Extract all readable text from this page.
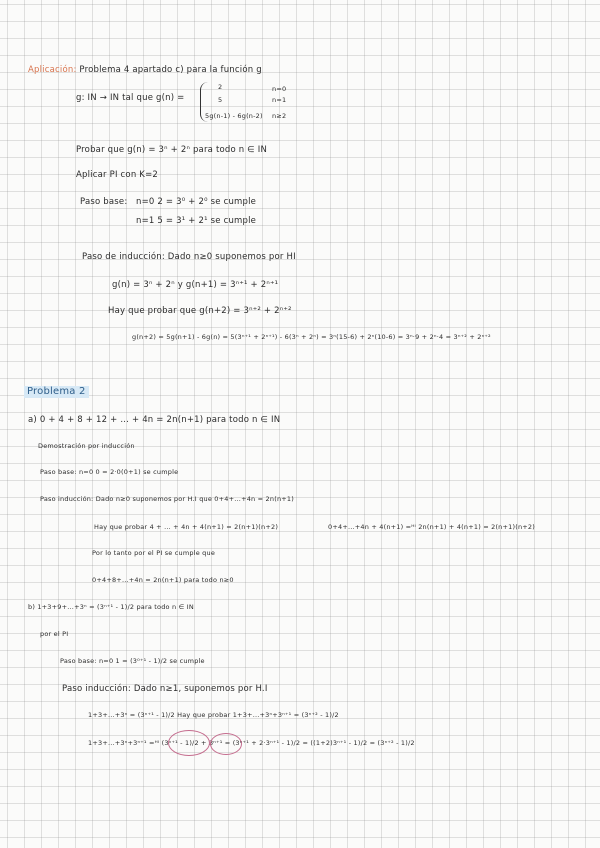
Aplicación: Problema 4 apartado c) para la función g
g: IN → IN tal que g(n) =
2	n=0
5	n=1
5g(n-1) - 6g(n-2) n≥2
Probar que g(n) = 3ⁿ + 2ⁿ para todo n ∈ IN
Aplicar PI con K=2
Paso base: n=0 2 = 3⁰ + 2⁰ se cumple
n=1 5 = 3¹ + 2¹ se cumple
Paso de inducción: Dado n≥0 suponemos por HI
g(n) = 3ⁿ + 2ⁿ y g(n+1) = 3ⁿ⁺¹ + 2ⁿ⁺¹
Hay que probar que g(n+2) = 3ⁿ⁺² + 2ⁿ⁺²
g(n+2) = 5g(n+1) - 6g(n) = 5(3ⁿ⁺¹ + 2ⁿ⁺¹) - 6(3ⁿ + 2ⁿ) = 3ⁿ(15-6) + 2ⁿ(10-6) = 3ⁿ·9 + 2ⁿ·4 = 3ⁿ⁺² + 2ⁿ⁺²
Problema 2
a) 0 + 4 + 8 + 12 + ... + 4n = 2n(n+1) para todo n ∈ IN
Demostración por inducción
Paso base: n=0 0 = 2·0(0+1) se cumple
Paso inducción: Dado n≥0 suponemos por H.I que 0+4+...+4n = 2n(n+1)
Hay que probar 4 + ... + 4n + 4(n+1) = 2(n+1)(n+2)	0+4+...+4n + 4(n+1) =ᴴᴵ 2n(n+1) + 4(n+1) = 2(n+1)(n+2)
Por lo tanto por el PI se cumple que
0+4+8+...+4n = 2n(n+1) para todo n≥0
b) 1+3+9+...+3ⁿ = (3ⁿ⁺¹ - 1)/2 para todo n ∈ IN
por el PI
Paso base: n=0 1 = (3⁰⁺¹ - 1)/2 se cumple
Paso inducción: Dado n≥1, suponemos por H.I
1+3+...+3ⁿ = (3ⁿ⁺¹ - 1)/2 Hay que probar 1+3+...+3ⁿ+3ⁿ⁺¹ = (3ⁿ⁺² - 1)/2
1+3+...+3ⁿ+3ⁿ⁺¹ =ᴴᴵ (3ⁿ⁺¹ - 1)/2 + 3ⁿ⁺¹ = (3ⁿ⁺¹ + 2·3ⁿ⁺¹ - 1)/2 = ((1+2)3ⁿ⁺¹ - 1)/2 = (3ⁿ⁺² - 1)/2
